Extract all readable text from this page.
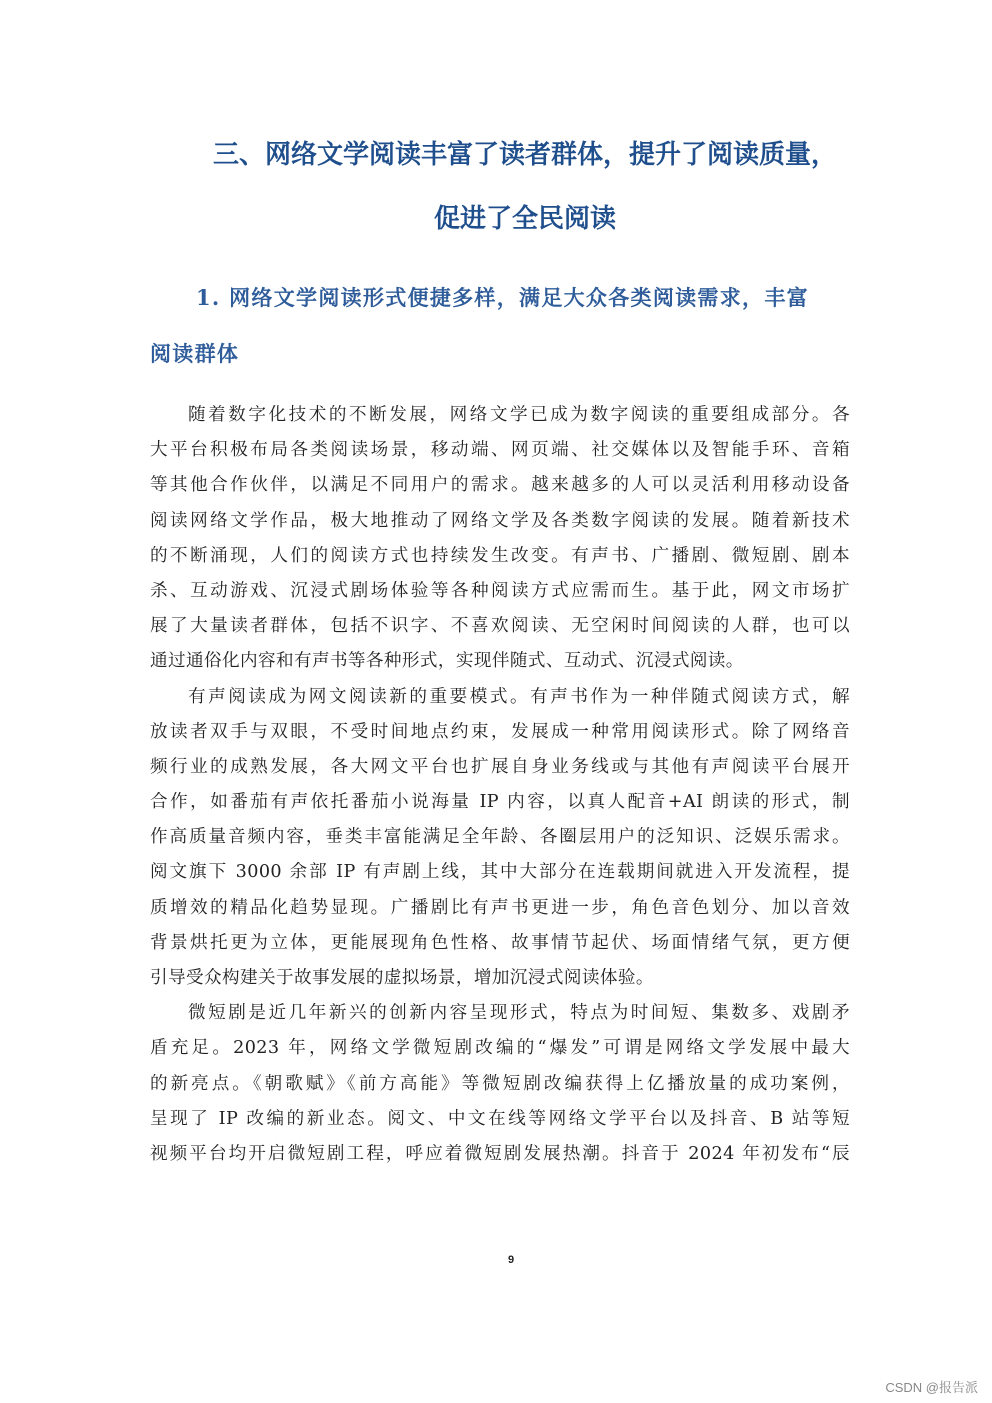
三、网络文学阅读丰富了读者群体，提升了阅读质量，
促进了全民阅读
1. 网络文学阅读形式便捷多样，满足大众各类阅读需求，丰富
阅读群体
随着数字化技术的不断发展，网络文学已成为数字阅读的重要组成部分。各
大平台积极布局各类阅读场景，移动端、网页端、社交媒体以及智能手环、音箱
等其他合作伙伴，以满足不同用户的需求。越来越多的人可以灵活利用移动设备
阅读网络文学作品，极大地推动了网络文学及各类数字阅读的发展。随着新技术
的不断涌现，人们的阅读方式也持续发生改变。有声书、广播剧、微短剧、剧本
杀、互动游戏、沉浸式剧场体验等各种阅读方式应需而生。基于此，网文市场扩
展了大量读者群体，包括不识字、不喜欢阅读、无空闲时间阅读的人群，也可以
通过通俗化内容和有声书等各种形式，实现伴随式、互动式、沉浸式阅读。
有声阅读成为网文阅读新的重要模式。有声书作为一种伴随式阅读方式，解
放读者双手与双眼，不受时间地点约束，发展成一种常用阅读形式。除了网络音
频行业的成熟发展，各大网文平台也扩展自身业务线或与其他有声阅读平台展开
合作，如番茄有声依托番茄小说海量 IP 内容，以真人配音+AI 朗读的形式，制
作高质量音频内容，垂类丰富能满足全年龄、各圈层用户的泛知识、泛娱乐需求。
阅文旗下 3000 余部 IP 有声剧上线，其中大部分在连载期间就进入开发流程，提
质增效的精品化趋势显现。广播剧比有声书更进一步，角色音色划分、加以音效
背景烘托更为立体，更能展现角色性格、故事情节起伏、场面情绪气氛，更方便
引导受众构建关于故事发展的虚拟场景，增加沉浸式阅读体验。
微短剧是近几年新兴的创新内容呈现形式，特点为时间短、集数多、戏剧矛
盾充足。2023 年，网络文学微短剧改编的“爆发”可谓是网络文学发展中最大
的新亮点。《朝歌赋》《前方高能》等微短剧改编获得上亿播放量的成功案例，
呈现了 IP 改编的新业态。阅文、中文在线等网络文学平台以及抖音、B 站等短
视频平台均开启微短剧工程，呼应着微短剧发展热潮。抖音于 2024 年初发布“辰
9
CSDN @报告派
